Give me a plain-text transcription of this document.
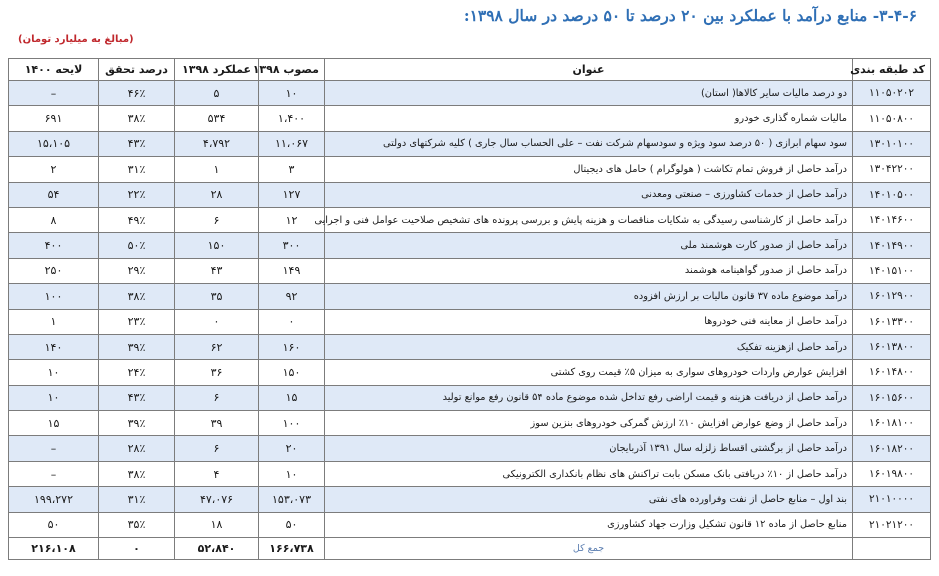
۳-۴-۶- منابع درآمد با عملکرد بین ۲۰ درصد تا ۵۰ درصد در سال ۱۳۹۸:
(مبالغ به میلیارد تومان)
کد طبقه بندی	عنوان	مصوب ۱۳۹۸	عملکرد ۱۳۹۸	درصد تحقق	لایحه ۱۴۰۰
۱۱۰۵۰۲۰۲	دو درصد مالیات سایر کالاها( استان)	۱۰	۵	۴۶٪	–
۱۱۰۵۰۸۰۰	مالیات شماره گذاری خودرو	۱،۴۰۰	۵۳۴	۳۸٪	۶۹۱
۱۳۰۱۰۱۰۰	سود سهام ابرازی ( ۵۰ درصد سود ویژه و سودسهام شرکت نفت – علی الحساب سال جاری ) کلیه شرکتهای دولتی	۱۱،۰۶۷	۴،۷۹۲	۴۳٪	۱۵،۱۰۵
۱۳۰۴۲۲۰۰	درآمد حاصل از فروش تمام تکاشت ( هولوگرام ) حامل های دیجیتال	۳	۱	۳۱٪	۲
۱۴۰۱۰۵۰۰	درآمد حاصل از خدمات کشاورزی – صنعتی ومعدنی	۱۲۷	۲۸	۲۲٪	۵۴
۱۴۰۱۴۶۰۰	درآمد حاصل از کارشناسی رسیدگی به شکایات مناقصات و هزینه پایش و بررسی پرونده های تشخیص صلاحیت عوامل فنی و اجرایی	۱۲	۶	۴۹٪	۸
۱۴۰۱۴۹۰۰	درآمد حاصل از صدور کارت هوشمند ملی	۳۰۰	۱۵۰	۵۰٪	۴۰۰
۱۴۰۱۵۱۰۰	درآمد حاصل از صدور گواهینامه هوشمند	۱۴۹	۴۳	۲۹٪	۲۵۰
۱۶۰۱۲۹۰۰	درآمد موضوع ماده ۳۷ قانون مالیات بر ارزش افزوده	۹۲	۳۵	۳۸٪	۱۰۰
۱۶۰۱۳۳۰۰	درآمد حاصل از معاینه فنی خودروها	۰	۰	۲۳٪	۱
۱۶۰۱۳۸۰۰	درآمد حاصل ازهزینه تفکیک	۱۶۰	۶۲	۳۹٪	۱۴۰
۱۶۰۱۴۸۰۰	افزایش عوارض واردات خودروهای سواری به میزان ۵٪ قیمت روی کشتی	۱۵۰	۳۶	۲۴٪	۱۰
۱۶۰۱۵۶۰۰	درآمد حاصل از دریافت هزینه و قیمت اراضی رفع تداخل شده موضوع ماده ۵۴ قانون رفع موانع تولید	۱۵	۶	۴۳٪	۱۰
۱۶۰۱۸۱۰۰	درآمد حاصل از وضع عوارض افزایش ۱۰٪ ارزش گمرکی خودروهای بنزین سوز	۱۰۰	۳۹	۳۹٪	۱۵
۱۶۰۱۸۲۰۰	درآمد حاصل از برگشتی اقساط زلزله سال ۱۳۹۱ آذربایجان	۲۰	۶	۲۸٪	–
۱۶۰۱۹۸۰۰	درآمد حاصل از ۱۰٪ دریافتی بانک مسکن بابت تراکنش های نظام بانکداری الکترونیکی	۱۰	۴	۳۸٪	–
۲۱۰۱۰۰۰۰	بند اول – منابع حاصل از نفت وفراورده های نفتی	۱۵۳،۰۷۳	۴۷،۰۷۶	۳۱٪	۱۹۹،۲۷۲
۲۱۰۲۱۲۰۰	منابع حاصل از ماده ۱۲ قانون تشکیل وزارت جهاد کشاورزی	۵۰	۱۸	۳۵٪	۵۰
	جمع کل	۱۶۶،۷۳۸	۵۲،۸۴۰	۰	۲۱۶،۱۰۸
